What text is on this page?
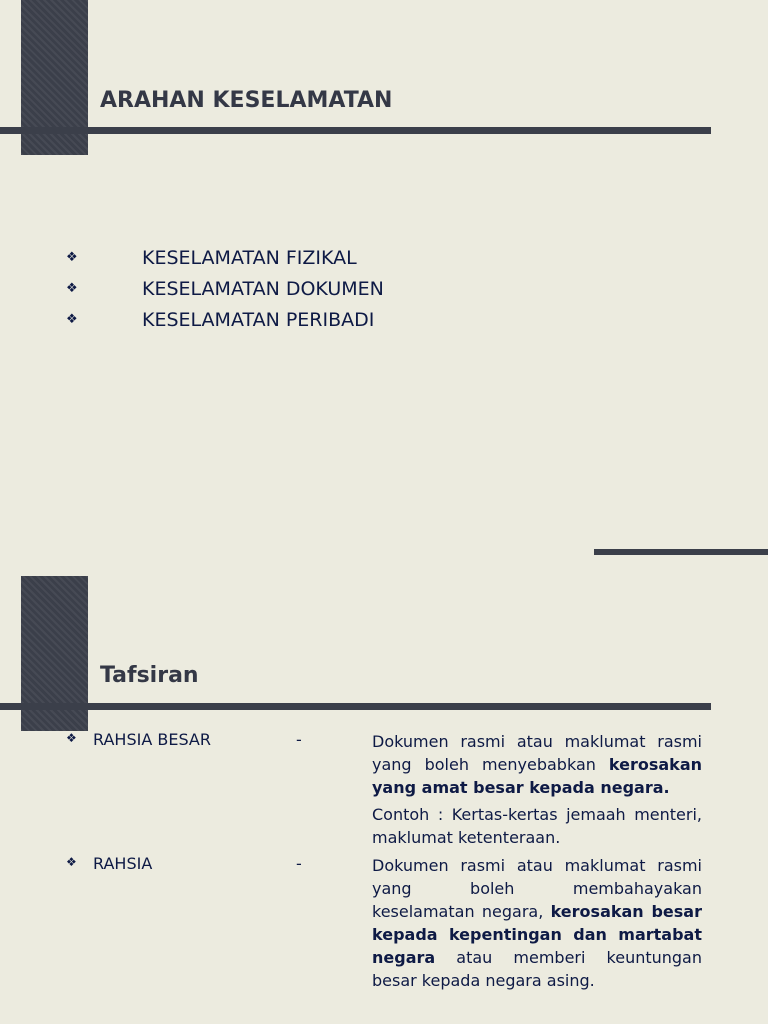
ARAHAN KESELAMATAN
❖	KESELAMATAN FIZIKAL
❖	KESELAMATAN DOKUMEN
❖	KESELAMATAN PERIBADI
Tafsiran
❖ RAHSIA BESAR	-	Dokumen rasmi atau maklumat rasmi yang boleh menyebabkan kerosakan yang amat besar kepada negara.

Contoh : Kertas-kertas jemaah menteri, maklumat ketenteraan.

❖ RAHSIA	-	Dokumen rasmi atau maklumat rasmi yang boleh membahayakan keselamatan negara, kerosakan besar kepada kepentingan dan martabat negara atau memberi keuntungan besar kepada negara asing.
